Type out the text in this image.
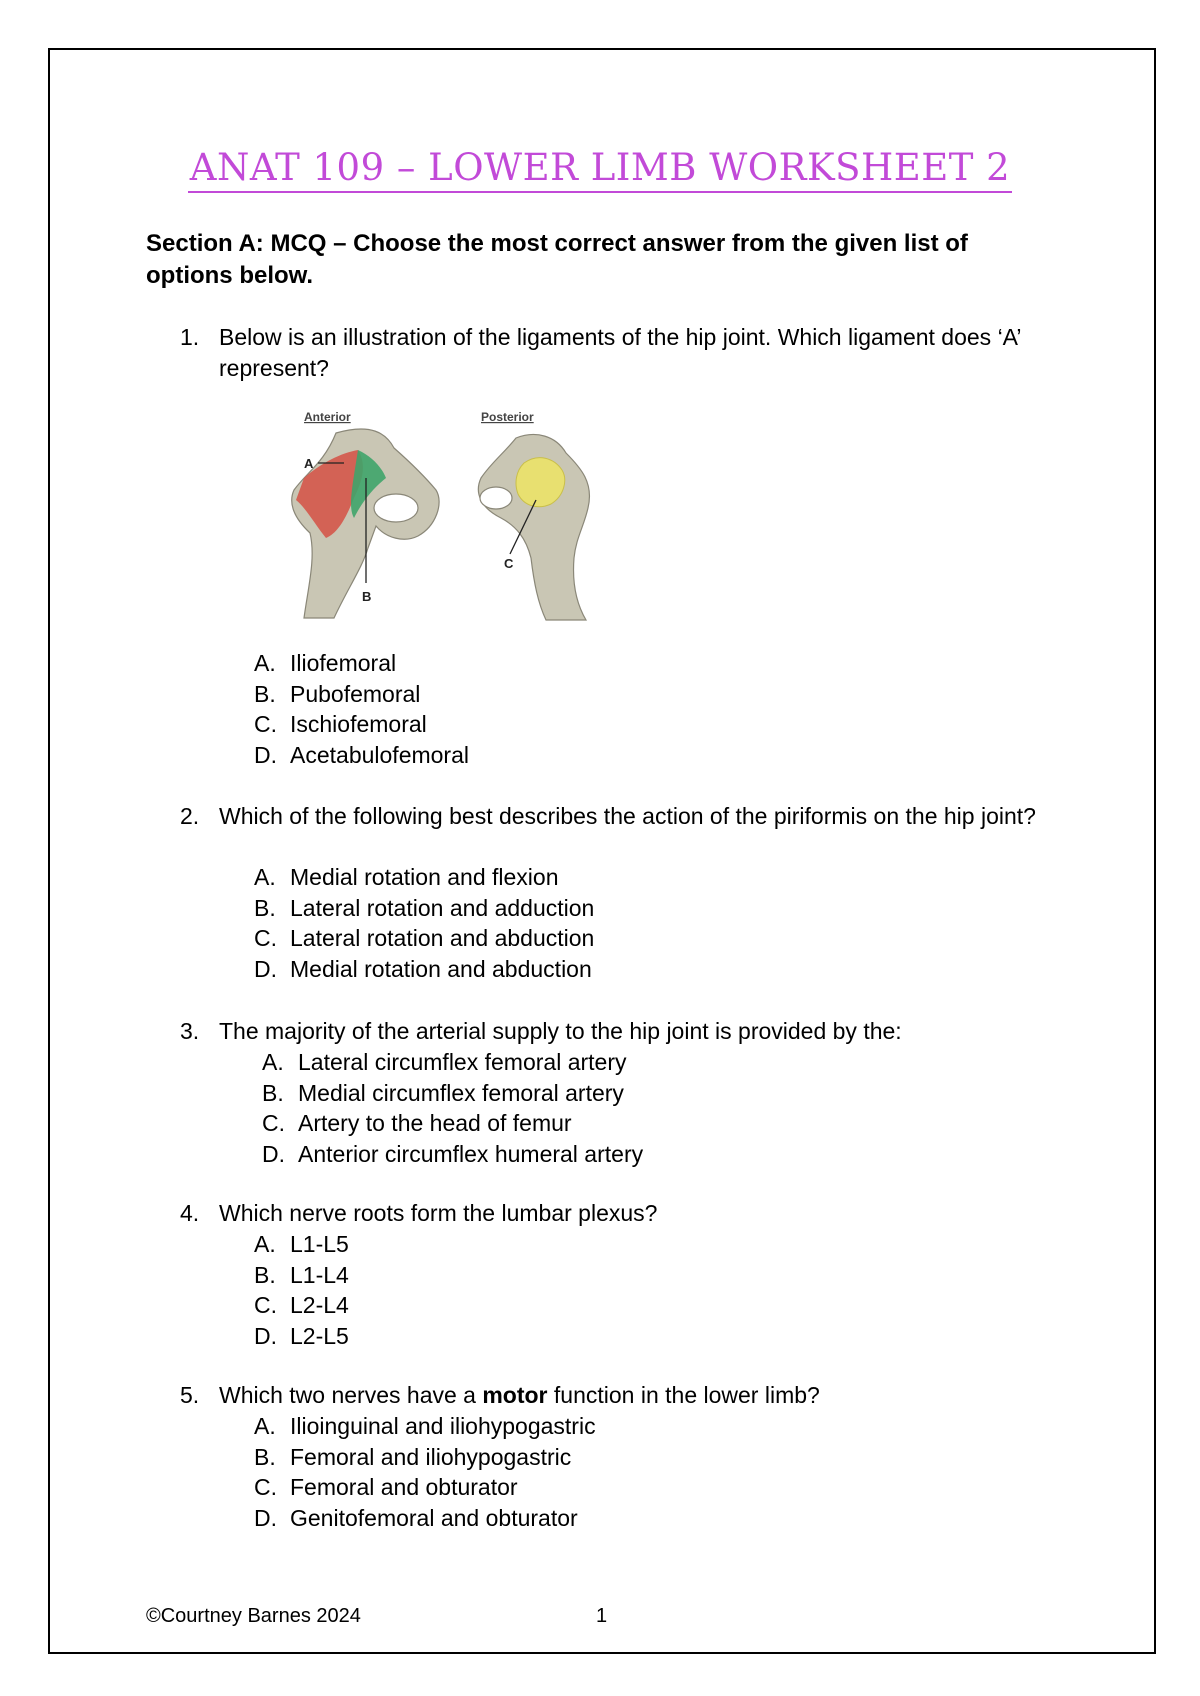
ANAT 109 – LOWER LIMB WORKSHEET 2
Section A: MCQ – Choose the most correct answer from the given list of options below.
1. Below is an illustration of the ligaments of the hip joint. Which ligament does ‘A’ represent?
Anterior
A
B
Posterior
C
A. Iliofemoral
B. Pubofemoral
C. Ischiofemoral
D. Acetabulofemoral
2. Which of the following best describes the action of the piriformis on the hip joint?
A. Medial rotation and flexion
B. Lateral rotation and adduction
C. Lateral rotation and abduction
D. Medial rotation and abduction
3. The majority of the arterial supply to the hip joint is provided by the:
A. Lateral circumflex femoral artery
B. Medial circumflex femoral artery
C. Artery to the head of femur
D. Anterior circumflex humeral artery
4. Which nerve roots form the lumbar plexus?
A. L1-L5
B. L1-L4
C. L2-L4
D. L2-L5
5. Which two nerves have a motor function in the lower limb?
A. Ilioinguinal and iliohypogastric
B. Femoral and iliohypogastric
C. Femoral and obturator
D. Genitofemoral and obturator
©Courtney Barnes 2024	1
